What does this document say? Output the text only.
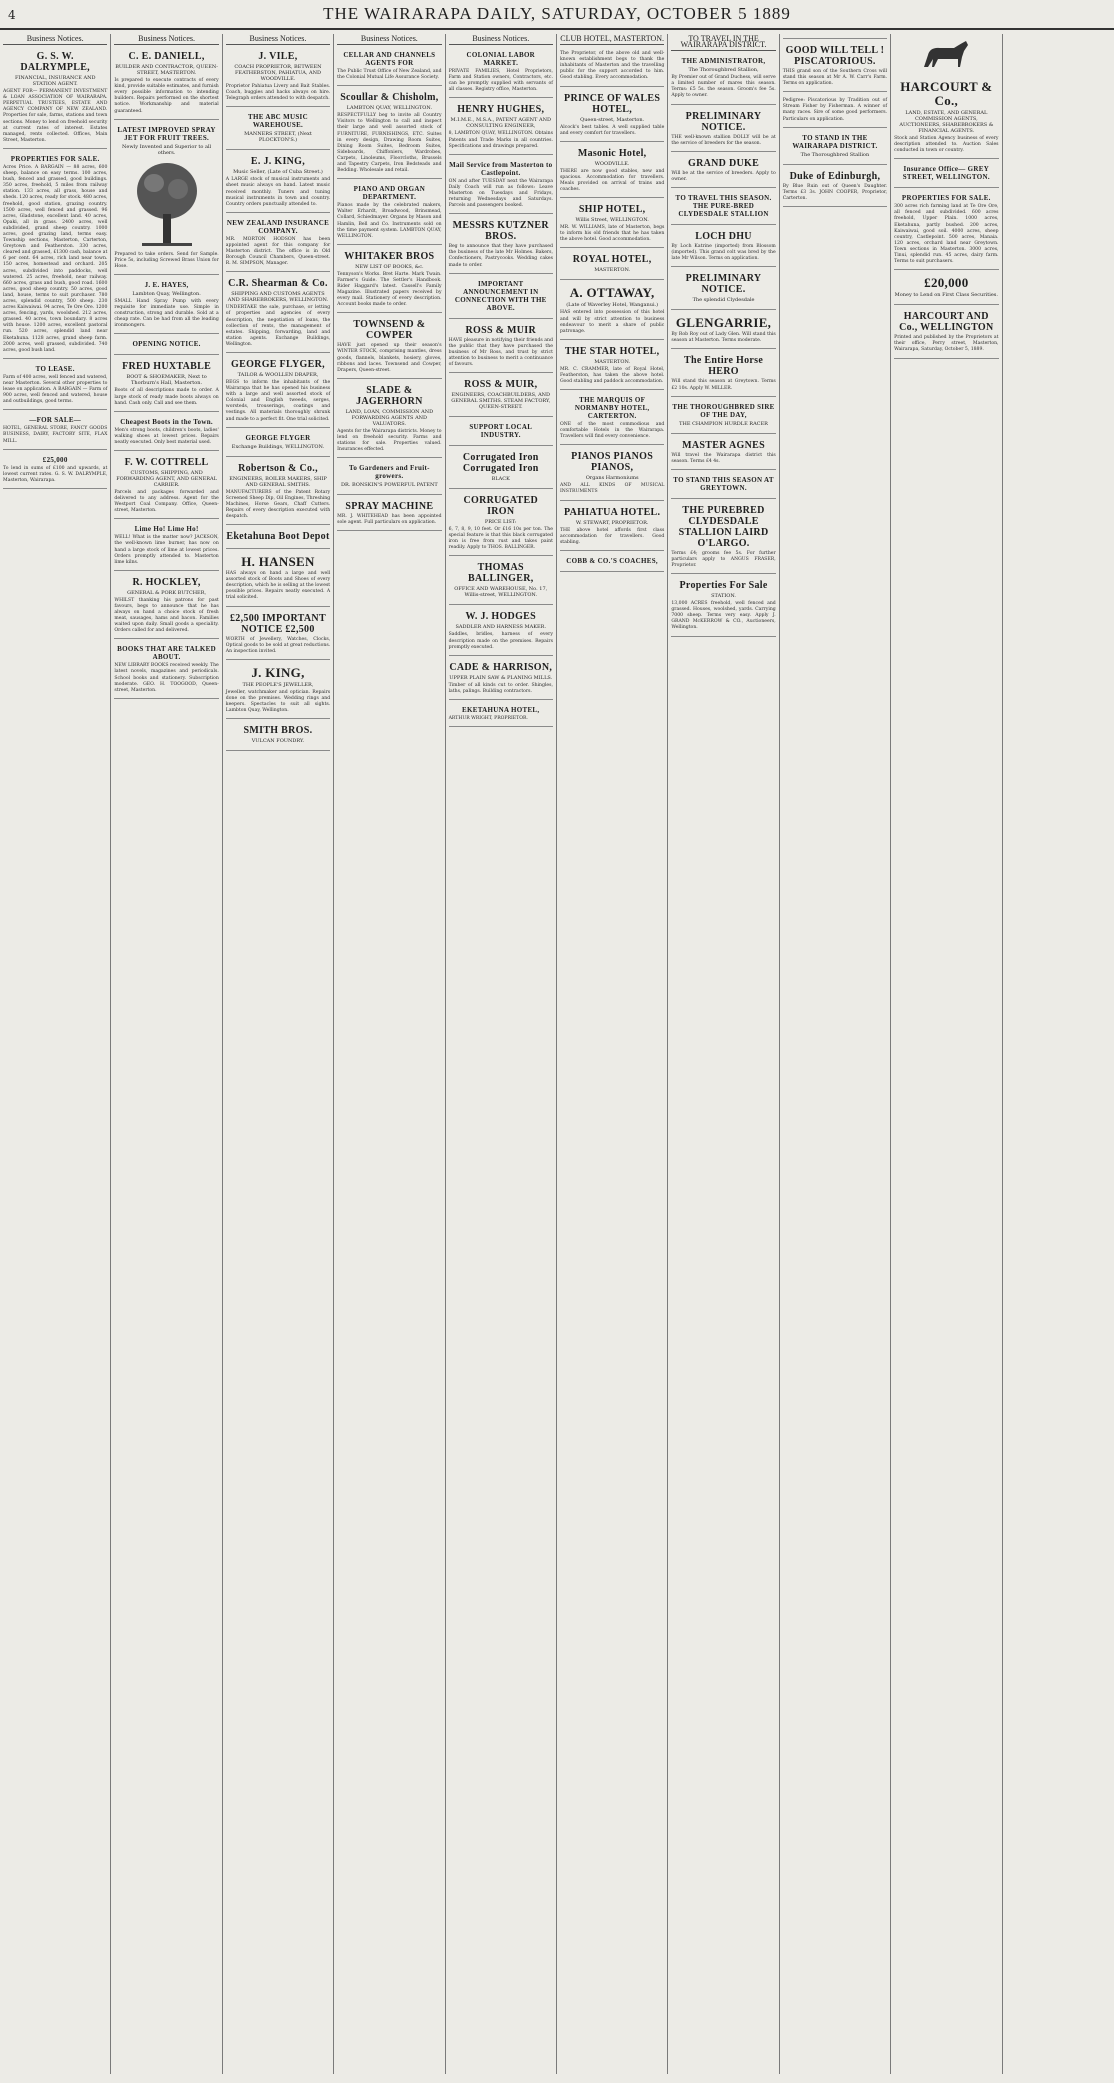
4	THE WAIRARAPA DAILY, SATURDAY, OCTOBER 5 1889
Business Notices.
G. S. W. DALRYMPLE,
FINANCIAL, INSURANCE AND STATION AGENT.
AGENT FOR— PERMANENT INVESTMENT & LOAN ASSOCIATION OF WAIRARAPA. PERPETUAL TRUSTEES, ESTATE AND AGENCY COMPANY OF NEW ZEALAND. Properties for sale, farms, stations and town sections. Money to lend on freehold security at current rates of interest. Estates managed, rents collected. Offices, Main Street, Masterton.
PROPERTIES FOR SALE.
Acres Price. A BARGAIN — 88 acres, 600 sheep, balance on easy terms. 100 acres, bush, fenced and grassed, good buildings. 350 acres, freehold, 5 miles from railway station. 133 acres, all grass, house and sheds. 120 acres, ready for stock. 480 acres, freehold, good station, grazing country. 1500 acres, well fenced and grassed. 96 acres, Gladstone, excellent land. 40 acres, Opaki, all in grass. 2400 acres, well subdivided, grand sheep country. 1000 acres, good grazing land, terms easy. Township sections, Masterton, Carterton, Greytown and Featherston. 330 acres, cleared and grassed, £1300 cash, balance at 6 per cent. 64 acres, rich land near town. 150 acres, homestead and orchard. 205 acres, subdivided into paddocks, well watered. 25 acres, freehold, near railway. 660 acres, grass and bush, good road. 1600 acres, good sheep country. 50 acres, good land, house, terms to suit purchaser. 780 acres, splendid country, 500 sheep. 230 acres Kaiwaiwai. 94 acres, Te Ore Ore. 1200 acres, fencing, yards, woolshed. 212 acres, grassed. 40 acres, town boundary. 8 acres with house. 1200 acres, excellent pastoral run. 520 acres, splendid land near Eketahuna. 1128 acres, grand sheep farm. 2000 acres, well grassed, subdivided. 740 acres, good bush land.
TO LEASE.
Farm of 400 acres, well fenced and watered, near Masterton. Several other properties to lease on application. A BARGAIN — Farm of 900 acres, well fenced and watered, house and outbuildings, good terms.
—FOR SALE—
HOTEL, GENERAL STORE, FANCY GOODS BUSINESS, DAIRY, FACTORY SITE, FLAX MILL.
£25,000
To lend in sums of £100 and upwards, at lowest current rates. G. S. W. DALRYMPLE, Masterton, Wairarapa.
Business Notices.
C. E. DANIELL,
BUILDER AND CONTRACTOR, QUEEN-STREET, MASTERTON.
Is prepared to execute contracts of every kind, provide suitable estimates, and furnish every possible information to intending builders. Repairs performed on the shortest notice. Workmanship and material guaranteed.
LATEST IMPROVED SPRAY JET FOR FRUIT TREES.
Newly Invented and Superior to all others.
Prepared to take orders. Send for Sample. Price 5s, including Screwed Brass Union for Hose.
J. E. HAYES,
Lambton Quay, Wellington.
SMALL Hand Spray Pump with every requisite for immediate use. Simple in construction, strong and durable. Sold at a cheap rate. Can be had from all the leading ironmongers.
OPENING NOTICE.
FRED HUXTABLE
BOOT & SHOEMAKER, Next to Thorburn's Hall, Masterton.
Boots of all descriptions made to order. A large stock of ready made boots always on hand. Cash only. Call and see them.
Cheapest Boots in the Town.
Men's strong boots, children's boots, ladies' walking shoes at lowest prices. Repairs neatly executed. Only best material used.
F. W. COTTRELL
CUSTOMS, SHIPPING, AND FORWARDING AGENT, AND GENERAL CARRIER.
Parcels and packages forwarded and delivered to any address. Agent for the Westport Coal Company. Office, Queen-street, Masterton.
Lime Ho! Lime Ho!
WELL! What is the matter now? JACKSON, the well-known lime burner, has now on hand a large stock of lime at lowest prices. Orders promptly attended to. Masterton lime kilns.
R. HOCKLEY,
GENERAL & PORK BUTCHER,
WHILST thanking his patrons for past favours, begs to announce that he has always on hand a choice stock of fresh meat, sausages, hams and bacon. Families waited upon daily. Small goods a speciality. Orders called for and delivered.
BOOKS THAT ARE TALKED ABOUT.
NEW LIBRARY BOOKS received weekly. The latest novels, magazines and periodicals. School books and stationery. Subscription moderate. GEO. H. TOOGOOD, Queen-street, Masterton.
Business Notices.
J. VILE,
COACH PROPRIETOR, BETWEEN FEATHERSTON, PAHIATUA, AND WOODVILLE.
Proprietor Pahiatua Livery and Bait Stables. Coach, buggies and hacks always on hire. Telegraph orders attended to with despatch.
THE ABC MUSIC WAREHOUSE.
MANNERS STREET, (Next PLOCKTON'S.)
E. J. KING,
Music Seller, (Late of Cuba Street.)
A LARGE stock of musical instruments and sheet music always on hand. Latest music received monthly. Tuners and tuning musical instruments in town and country. Country orders punctually attended to.
NEW ZEALAND INSURANCE COMPANY.
MR. MORTON HODSON has been appointed agent for this company for Masterton district. The office is in Old Borough Council Chambers, Queen-street. R. M. SIMPSON, Manager.
C.R. Shearman & Co.
SHIPPING AND CUSTOMS AGENTS AND SHAREBROKERS, WELLINGTON.
UNDERTAKE the sale, purchase, or letting of properties and agencies of every description, the negotiation of loans, the collection of rents, the management of estates. Shipping, forwarding, land and station agents. Exchange Buildings, Wellington.
GEORGE FLYGER,
TAILOR & WOOLLEN DRAPER,
BEGS to inform the inhabitants of the Wairarapa that he has opened his business with a large and well assorted stock of Colonial and English tweeds, serges, worsteds, trouserings, coatings and vestings. All materials thoroughly shrunk and made to a perfect fit. One trial solicited.
GEORGE FLYGER
Exchange Buildings, WELLINGTON.
Robertson & Co.,
ENGINEERS, BOILER MAKERS, SHIP AND GENERAL SMITHS.
MANUFACTURERS of the Patent Rotary Screened Sheep Dip, Oil Engines, Threshing Machines, Horse Gears, Chaff Cutters. Repairs of every description executed with despatch.
Eketahuna Boot Depot
H. HANSEN
HAS always on hand a large and well assorted stock of Boots and Shoes of every description, which he is selling at the lowest possible prices. Repairs neatly executed. A trial solicited.
£2,500 IMPORTANT NOTICE £2,500
WORTH of Jewellery, Watches, Clocks, Optical goods to be sold at great reductions. An inspection invited.
J. KING,
THE PEOPLE'S JEWELLER,
Jeweller, watchmaker and optician. Repairs done on the premises. Wedding rings and keepers. Spectacles to suit all sights. Lambton Quay, Wellington.
SMITH BROS.
VULCAN FOUNDRY.
Business Notices.
CELLAR AND CHANNELS AGENTS FOR
The Public Trust Office of New Zealand, and the Colonial Mutual Life Assurance Society.
Scoullar & Chisholm,
LAMBTON QUAY, WELLINGTON.
RESPECTFULLY beg to invite all Country Visitors to Wellington to call and inspect their large and well assorted stock of FURNITURE, FURNISHINGS, ETC. Suites in every design, Drawing Room Suites, Dining Room Suites, Bedroom Suites, Sideboards, Chiffoniers, Wardrobes, Carpets, Linoleums, Floorcloths, Brussels and Tapestry Carpets, Iron Bedsteads and Bedding. Wholesale and retail.
PIANO AND ORGAN DEPARTMENT.
Pianos made by the celebrated makers, Walter Erhardt, Broadwood, Brinsmead, Collard, Schiedmayer. Organs by Mason and Hamlin, Bell and Co. Instruments sold on the time payment system. LAMBTON QUAY, WELLINGTON.
WHITAKER BROS
NEW LIST OF BOOKS, &c.
Tennyson's Works. Bret Harte. Mark Twain. Farmer's Guide. The Settler's Handbook. Rider Haggard's latest. Cassell's Family Magazine. Illustrated papers received by every mail. Stationery of every description. Account books made to order.
TOWNSEND & COWPER
HAVE just opened up their season's WINTER STOCK, comprising mantles, dress goods, flannels, blankets, hosiery, gloves, ribbons and laces. Townsend and Cowper, Drapers, Queen-street.
SLADE & JAGERHORN
LAND, LOAN, COMMISSION AND FORWARDING AGENTS AND VALUATORS.
Agents for the Wairarapa districts. Money to lend on freehold security. Farms and stations for sale. Properties valued. Insurances effected.
To Gardeners and Fruit-growers.
DR. BONSKIN'S POWERFUL PATENT
SPRAY MACHINE
MR. J. WHITEHEAD has been appointed sole agent. Full particulars on application.
Business Notices.
COLONIAL LABOR MARKET.
PRIVATE FAMILIES, Hotel Proprietors, Farm and Station owners, Contractors, etc. can be promptly supplied with servants of all classes. Registry office, Masterton.
HENRY HUGHES,
M.I.M.E., M.S.A., PATENT AGENT AND CONSULTING ENGINEER,
8, LAMBTON QUAY, WELLINGTON. Obtains Patents and Trade Marks in all countries. Specifications and drawings prepared.
Mail Service from Masterton to Castlepoint.
ON and after TUESDAY next the Wairarapa Daily Coach will run as follows: Leave Masterton on Tuesdays and Fridays, returning Wednesdays and Saturdays. Parcels and passengers booked.
MESSRS KUTZNER BROS.
Beg to announce that they have purchased the business of the late Mr Holmes. Bakers, Confectioners, Pastrycooks. Wedding cakes made to order.
IMPORTANT ANNOUNCEMENT IN CONNECTION WITH THE ABOVE.
ROSS & MUIR
HAVE pleasure in notifying their friends and the public that they have purchased the business of Mr Ross, and trust by strict attention to business to merit a continuance of favours.
ROSS & MUIR,
ENGINEERS, COACHBUILDERS, AND GENERAL SMITHS. STEAM FACTORY, QUEEN-STREET.
SUPPORT LOCAL INDUSTRY.
Corrugated Iron Corrugated Iron
BLACK
CORRUGATED IRON
PRICE LIST:
6, 7, 8, 9, 10 feet. Or £16 10s per ton. The special feature is that this black corrugated iron is free from rust and takes paint readily. Apply to THOS. BALLINGER.
THOMAS BALLINGER,
OFFICE AND WAREHOUSE, No. 17, Willis-street, WELLINGTON.
W. J. HODGES
SADDLER AND HARNESS MAKER.
Saddles, bridles, harness of every description made on the premises. Repairs promptly executed.
CADE & HARRISON,
UPPER PLAIN SAW & PLANING MILLS.
Timber of all kinds cut to order. Shingles, laths, palings. Building contractors.
EKETAHUNA HOTEL,
ARTHUR WRIGHT, PROPRIETOR.
CLUB HOTEL, MASTERTON.
The Proprietor, of the above old and well-known establishment begs to thank the inhabitants of Masterton and the travelling public for the support accorded to him. Good stabling. Every accommodation.
PRINCE OF WALES HOTEL,
Queen-street, Masterton.
Alcock's best tables. A well supplied table and every comfort for travellers.
Masonic Hotel,
WOODVILLE.
THERE are now good stables, new and spacious. Accommodation for travellers. Meals provided on arrival of trains and coaches.
SHIP HOTEL,
Willis Street, WELLINGTON.
MR. W. WILLIAMS, late of Masterton, begs to inform his old friends that he has taken the above hotel. Good accommodation.
ROYAL HOTEL,
MASTERTON.
A. OTTAWAY,
(Late of Waverley Hotel, Wanganui.)
HAS entered into possession of this hotel and will by strict attention to business endeavour to merit a share of public patronage.
THE STAR HOTEL,
MASTERTON.
MR. C. CRAMMER, late of Royal Hotel, Featherston, has taken the above hotel. Good stabling and paddock accommodation.
THE MARQUIS OF NORMANBY HOTEL, CARTERTON.
ONE of the most commodious and comfortable Hotels in the Wairarapa. Travellers will find every convenience.
PIANOS PIANOS PIANOS,
Organs Harmoniums
AND ALL KINDS OF MUSICAL INSTRUMENTS
PAHIATUA HOTEL.
W. STEWART, PROPRIETOR.
THE above hotel affords first class accommodation for travellers. Good stabling.
COBB & CO.'S COACHES,
TO TRAVEL IN THE WAIRARAPA DISTRICT.
THE ADMINISTRATOR,
The Thoroughbred Stallion,
By Premier out of Grand Duchess, will serve a limited number of mares this season. Terms: £5 5s. the season. Groom's fee 5s. Apply to owner.
PRELIMINARY NOTICE.
THE well-known stallion DOLLY will be at the service of breeders for the season.
GRAND DUKE
Will be at the service of breeders. Apply to owner.
TO TRAVEL THIS SEASON. THE PURE-BRED CLYDESDALE STALLION
LOCH DHU
By Loch Katrine (imported) from Blossom (imported). This grand colt was bred by the late Mr Wilson. Terms on application.
PRELIMINARY NOTICE.
The splendid Clydesdale
GLENGARRIE,
By Rob Roy out of Lady Glen. Will stand this season at Masterton. Terms moderate.
The Entire Horse HERO
Will stand this season at Greytown. Terms £2 10s. Apply W. MILLER.
THE THOROUGHBRED SIRE OF THE DAY,
THE CHAMPION HURDLE RACER
MASTER AGNES
Will travel the Wairarapa district this season. Terms £4 4s.
TO STAND THIS SEASON AT GREYTOWN.
THE PUREBRED CLYDESDALE STALLION LAIRD O'LARGO.
Terms £4; grooms fee 5s. For further particulars apply to ANGUS FRASER, Proprietor.
Properties For Sale
STATION.
13,000 ACRES freehold, well fenced and grassed. Houses, woolshed, yards. Carrying 7000 sheep. Terms very easy. Apply J. GRAND McKERROW & CO., Auctioneers, Wellington.
GOOD WILL TELL ! PISCATORIOUS.
THIS grand son of the Southern Cross will stand this season at Mr A. W. Carr's Farm. Terms on application.
Pedigree: Piscatorious by Tradition out of Stream Fisher by Fisherman. A winner of many races. Sire of some good performers. Particulars on application.
TO STAND IN THE WAIRARAPA DISTRICT.
The Thoroughbred Stallion
Duke of Edinburgh,
By Blue Ruin out of Queen's Daughter. Terms £3 3s. JOHN COOPER, Proprietor, Carterton.
HARCOURT & Co.,
LAND, ESTATE, AND GENERAL COMMISSION AGENTS, AUCTIONEERS, SHAREBROKERS & FINANCIAL AGENTS.
Stock and Station Agency business of every description attended to. Auction Sales conducted in town or country.
Insurance Office— GREY STREET, WELLINGTON.
PROPERTIES FOR SALE.
300 acres rich farming land at Te Ore Ore, all fenced and subdivided. 600 acres freehold, Upper Plain. 1000 acres, Eketahuna, partly bushed. 200 acres, Kaiwaiwai, good soil. 4000 acres, sheep country, Castlepoint. 500 acres, Manaia. 120 acres, orchard land near Greytown. Town sections in Masterton. 3000 acres, Tinui, splendid run. 45 acres, dairy farm. Terms to suit purchasers.
£20,000
Money to Lend on First Class Securities.
HARCOURT AND Co., WELLINGTON
Printed and published by the Proprietors at their office, Perry street, Masterton, Wairarapa, Saturday, October 5, 1889.
